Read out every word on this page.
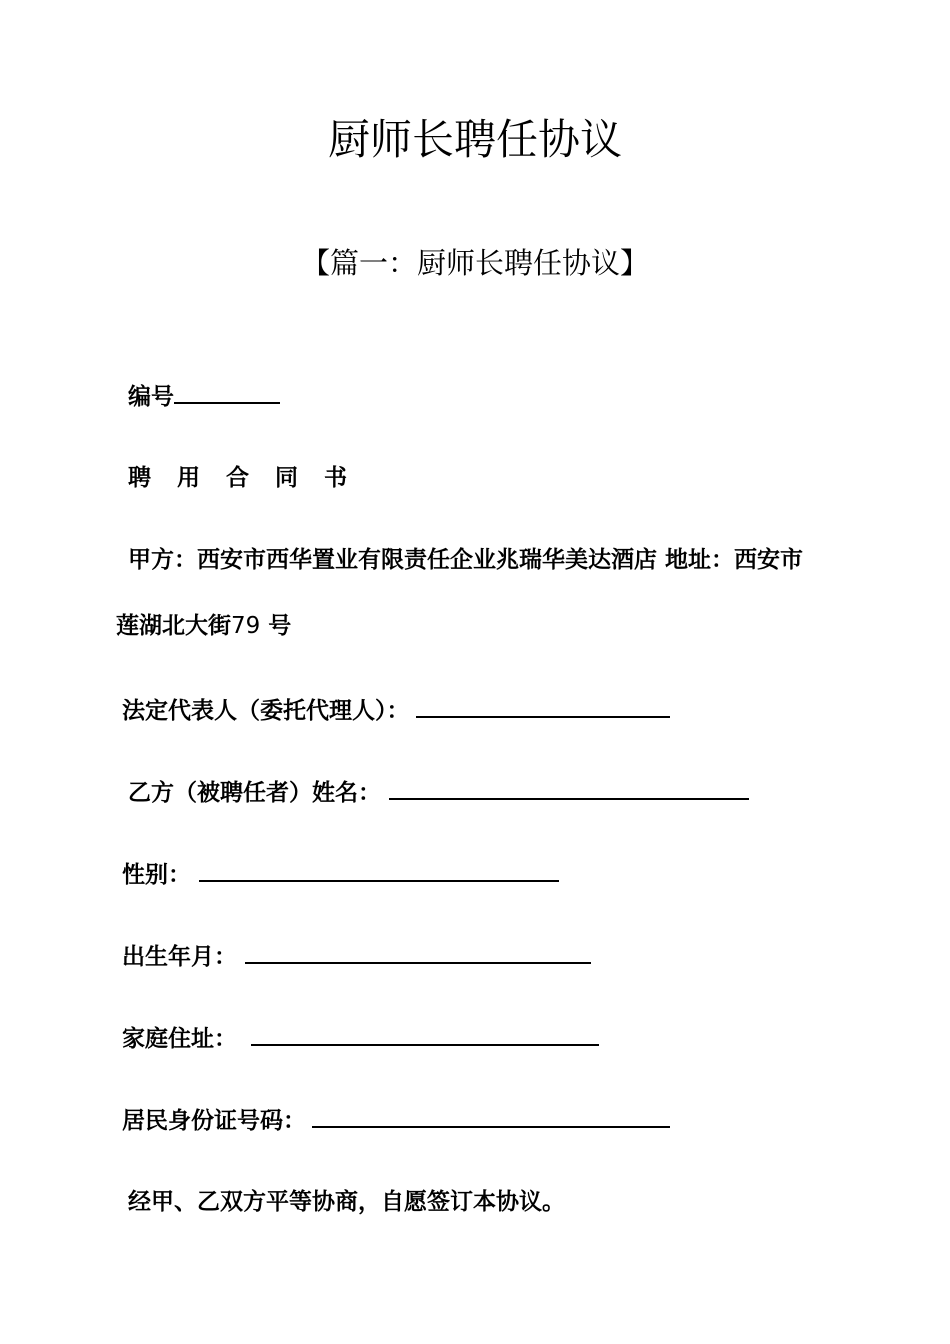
厨师长聘任协议
【篇一：厨师长聘任协议】
编号
聘 用 合 同 书
甲方：西安市西华置业有限责任企业兆瑞华美达酒店 地址：西安市
莲湖北大街79 号
法定代表人（委托代理人）：
乙方（被聘任者）姓名：
性别：
出生年月：
家庭住址：
居民身份证号码：
经甲、乙双方平等协商，自愿签订本协议。
